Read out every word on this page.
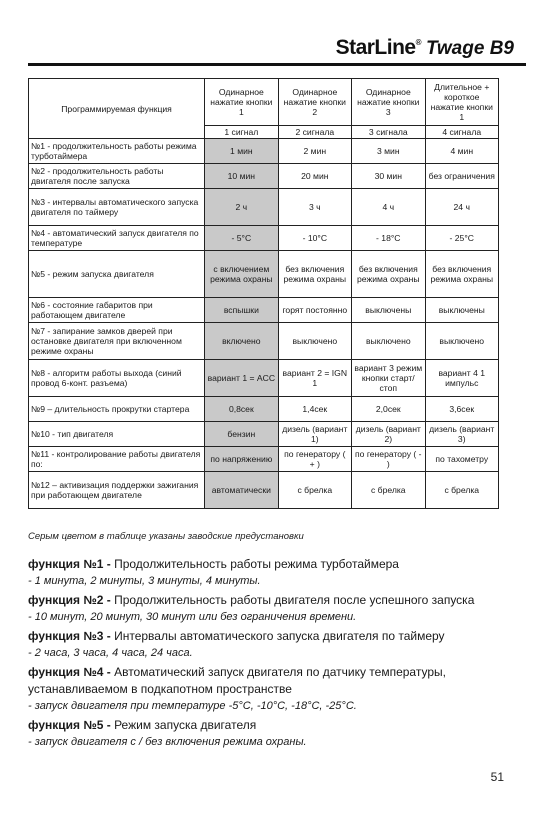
StarLine® Twage B9
Программируемая функция	Одинарное нажатие кнопки 1	Одинарное нажатие кнопки 2	Одинарное нажатие кнопки 3	Длительное + короткое нажатие кнопки 1
	1 сигнал	2 сигнала	3 сигнала	4 сигнала
№1 - продолжительность работы режима турботаймера	1 мин	2 мин	3 мин	4 мин
№2 - продолжительность работы двигателя после запуска	10 мин	20 мин	30 мин	без ограничения
№3 - интервалы автоматического запуска двигателя по таймеру	2 ч	3 ч	4 ч	24 ч
№4 - автоматический запуск двигателя по температуре	- 5°C	- 10°C	- 18°C	- 25°C
№5 - режим запуска двигателя	с включением режима охраны	без включения режима охраны	без включения режима охраны	без включения режима охраны
№6 - состояние габаритов при работающем двигателе	вспышки	горят постоянно	выключены	выключены
№7 - запирание замков дверей при остановке двигателя при включенном режиме охраны	включено	выключено	выключено	выключено
№8 - алгоритм работы выхода (синий провод 6-конт. разъема)	вариант 1 = ACC	вариант 2 = IGN 1	вариант 3 режим кнопки старт/стоп	вариант 4 1 импульс
№9 – длительность прокрутки стартера	0,8сек	1,4сек	2,0сек	3,6сек
№10 - тип двигателя	бензин	дизель (вариант 1)	дизель (вариант 2)	дизель (вариант 3)
№11 - контролирование работы двигателя по:	по напряжению	по генератору ( + )	по генератору ( - )	по тахометру
№12 – активизация поддержки зажигания при работающем двигателе	автоматически	с брелка	с брелка	с брелка
Серым цветом в таблице указаны заводские предустановки
функция №1 - Продолжительность работы режима турботаймера
- 1 минута, 2 минуты, 3 минуты, 4 минуты.
функция №2 - Продолжительность работы двигателя после успешного запуска
- 10 минут, 20 минут, 30 минут или без ограничения времени.
функция №3 - Интервалы автоматического запуска двигателя по таймеру
- 2 часа, 3 часа, 4 часа, 24 часа.
функция №4 - Автоматический запуск двигателя по датчику температуры,
устанавливаемом в подкапотном пространстве
- запуск двигателя при температуре -5°C, -10°C, -18°C, -25°C.
функция №5 - Режим запуска двигателя
- запуск двигателя с / без включения режима охраны.
51
